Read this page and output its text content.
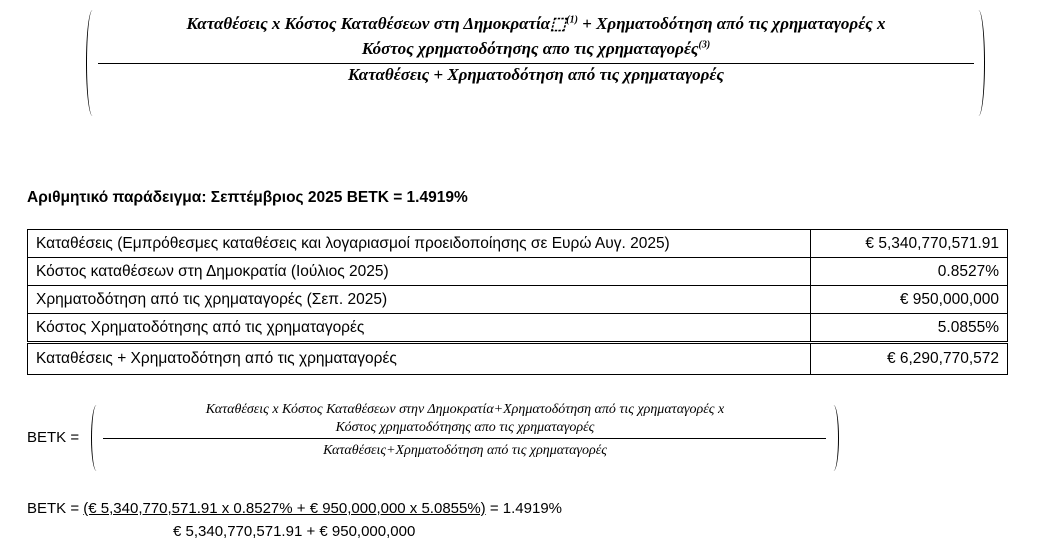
Καταθέσεις x Κόστος Καταθέσεων στη Δημοκρατία⬚$^{(1)}$ + Χρηματοδότηση από τις χρηματαγορές x
Κόστος χρηματοδότησης απο τις χρηματαγορές$^{(3)}$
Καταθέσεις + Χρηματοδότηση από τις χρηματαγορές
Αριθμητικό παράδειγμα: Σεπτέμβριος 2025 ΒΕΤΚ = 1.4919%
Καταθέσεις (Εμπρόθεσμες καταθέσεις και λογαριασμοί προειδοποίησης σε Ευρώ Αυγ. 2025)	€ 5,340,770,571.91
Κόστος καταθέσεων στη Δημοκρατία (Ιούλιος 2025)	0.8527%
Χρηματοδότηση από τις χρηματαγορές (Σεπ. 2025)	€ 950,000,000
Κόστος Χρηματοδότησης από τις χρηματαγορές	5.0855%
Καταθέσεις + Χρηματοδότηση από τις χρηματαγορές	€ 6,290,770,572
ΒΕΤΚ =
Καταθέσεις x Κόστος Καταθέσεων στην Δημοκρατία+Χρηματοδότηση από τις χρηματαγορές x
Κόστος χρηματοδότησης απο τις χρηματαγορές
Καταθέσεις+Χρηματοδότηση από τις χρηματαγορές
ΒΕΤΚ = (€ 5,340,770,571.91 x 0.8527% + € 950,000,000 x 5.0855%) = 1.4919%
€ 5,340,770,571.91 + € 950,000,000
